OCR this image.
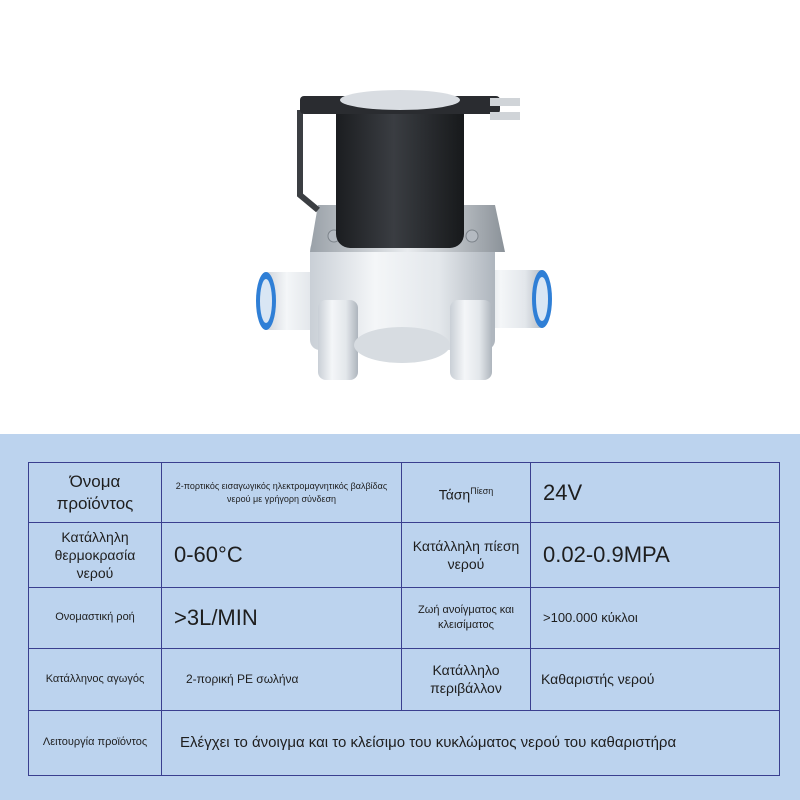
Όνομα προϊόντος	2-πορτικός εισαγωγικός ηλεκτρομαγνητικός βαλβίδας νερού με γρήγορη σύνδεση	Τάση$^{\Pi ί\varepsilon\sigma\eta}$	24V
Κατάλληλη θερμοκρασία νερού	0-60°C	Κατάλληλη πίεση νερού	0.02-0.9MPA
Ονομαστική ροή	>3L/MIN	Ζωή ανοίγματος και κλεισίματος	>100.000 κύκλοι
Κατάλληνος αγωγός	2-πορική PE σωλήνα	Κατάλληλο περιβάλλον	Καθαριστής νερού
Λειτουργία προϊόντος	Ελέγχει το άνοιγμα και το κλείσιμο του κυκλώματος νερού του καθαριστήρα		
